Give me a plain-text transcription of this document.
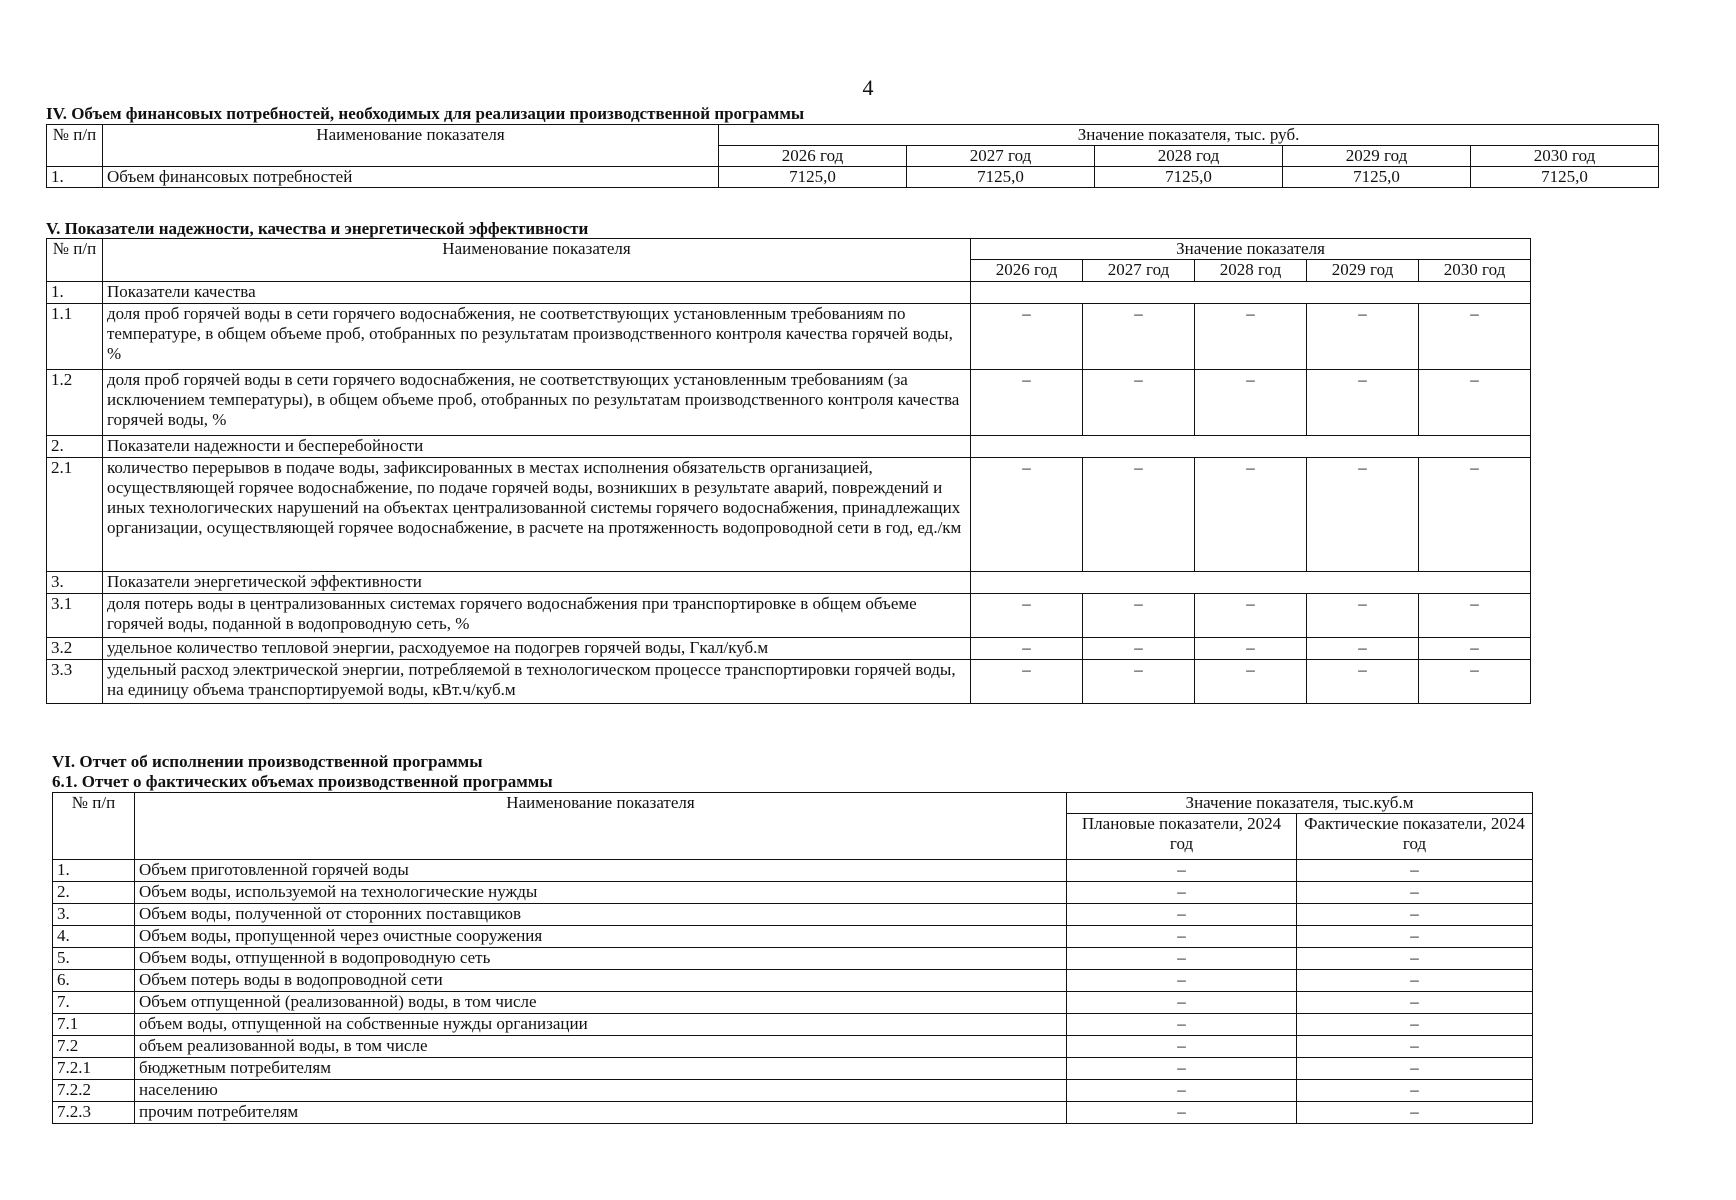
4
IV. Объем финансовых потребностей, необходимых для реализации производственной программы
№ п/п	Наименование показателя	Значение показателя, тыс. руб.				
		2026 год	2027 год	2028 год	2029 год	2030 год
1.	Объем финансовых потребностей	7125,0	7125,0	7125,0	7125,0	7125,0
V. Показатели надежности, качества и энергетической эффективности
№ п/п	Наименование показателя	Значение показателя				
		2026 год	2027 год	2028 год	2029 год	2030 год
1.	Показатели качества					
1.1	доля проб горячей воды в сети горячего водоснабжения, не соответствующих установленным требованиям по температуре, в общем объеме проб, отобранных по результатам производственного контроля качества горячей воды, %	–	–	–	–	–
1.2	доля проб горячей воды в сети горячего водоснабжения, не соответствующих установленным требованиям (за исключением температуры), в общем объеме проб, отобранных по результатам производственного контроля качества горячей воды, %	–	–	–	–	–
2.	Показатели надежности и бесперебойности					
2.1	количество перерывов в подаче воды, зафиксированных в местах исполнения обязательств организацией, осуществляющей горячее водоснабжение, по подаче горячей воды, возникших в результате аварий, повреждений и иных технологических нарушений на объектах централизованной системы горячего водоснабжения, принадлежащих организации, осуществляющей горячее водоснабжение, в расчете на протяженность водопроводной сети в год, ед./км	–	–	–	–	–
3.	Показатели энергетической эффективности					
3.1	доля потерь воды в централизованных системах горячего водоснабжения при транспортировке в общем объеме горячей воды, поданной в водопроводную сеть, %	–	–	–	–	–
3.2	удельное количество тепловой энергии, расходуемое на подогрев горячей воды, Гкал/куб.м	–	–	–	–	–
3.3	удельный расход электрической энергии, потребляемой в технологическом процессе транспортировки горячей воды, на единицу объема транспортируемой воды, кВт.ч/куб.м	–	–	–	–	–
VI. Отчет об исполнении производственной программы
6.1. Отчет о фактических объемах производственной программы
№ п/п	Наименование показателя	Значение показателя, тыс.куб.м	
		Плановые показатели, 2024 год	Фактические показатели, 2024 год
1.	Объем приготовленной горячей воды	–	–
2.	Объем воды, используемой на технологические нужды	–	–
3.	Объем воды, полученной от сторонних поставщиков	–	–
4.	Объем воды, пропущенной через очистные сооружения	–	–
5.	Объем воды, отпущенной в водопроводную сеть	–	–
6.	Объем потерь воды в водопроводной сети	–	–
7.	Объем отпущенной (реализованной) воды, в том числе	–	–
7.1	объем воды, отпущенной на собственные нужды организации	–	–
7.2	объем реализованной воды, в том числе	–	–
7.2.1	бюджетным потребителям	–	–
7.2.2	населению	–	–
7.2.3	прочим потребителям	–	–
